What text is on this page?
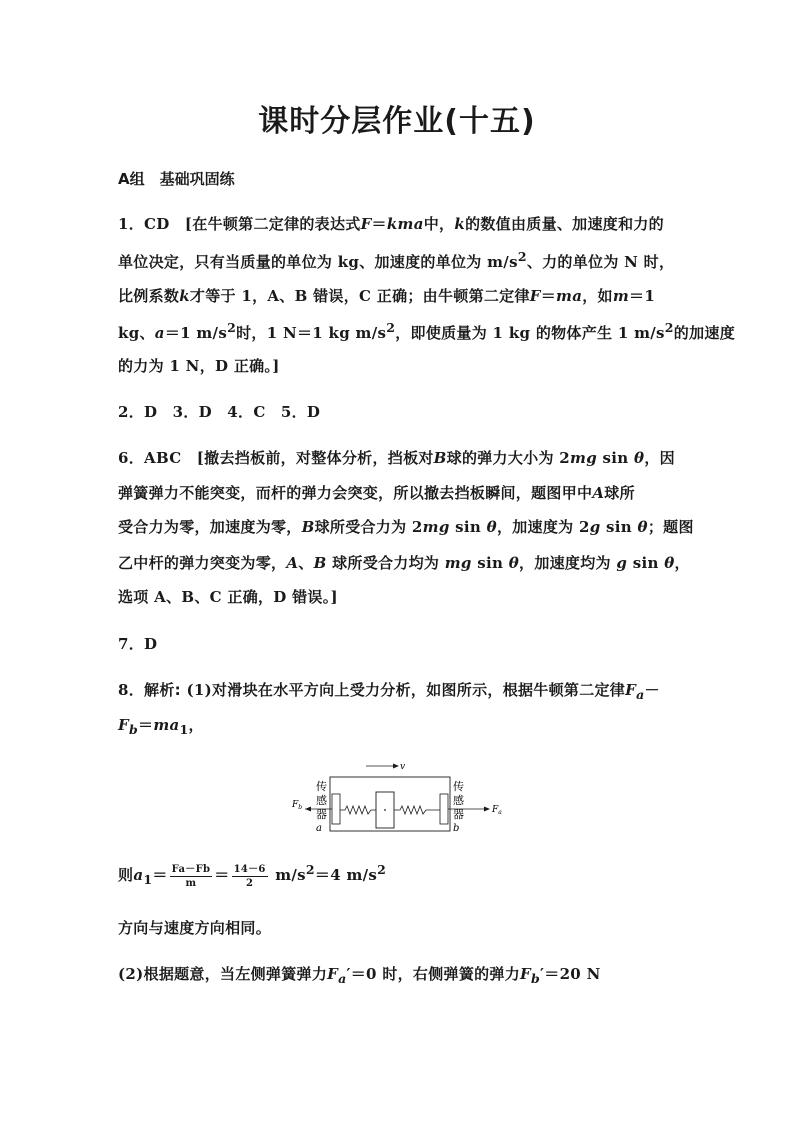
课时分层作业(十五)
A组　基础巩固练
1．CD　[在牛顿第二定律的表达式F＝kma中，k的数值由质量、加速度和力的
单位决定，只有当质量的单位为 kg、加速度的单位为 $m/s^2$、力的单位为 N 时，
比例系数k才等于 1，A、B 错误，C 正确；由牛顿第二定律F＝ma，如m＝1
kg、a＝1 $m/s^2$时，1 N＝1 kg $m/s^2$，即使质量为 1 kg 的物体产生 1 $m/s^2$的加速度
的力为 1 N，D 正确。]
2．D　3．D　4．C　5．D
6．ABC　[撤去挡板前，对整体分析，挡板对B球的弹力大小为 2mg sin θ，因
弹簧弹力不能突变，而杆的弹力会突变，所以撤去挡板瞬间，题图甲中A球所
受合力为零，加速度为零，B球所受合力为 2mg sin θ，加速度为 2g sin θ；题图
乙中杆的弹力突变为零，A、B 球所受合力均为 mg sin θ，加速度均为 g sin θ，
选项 A、B、C 正确，D 错误。]
7．D
8．解析: (1)对滑块在水平方向上受力分析，如图所示，根据牛顿第二定律$F_a-$
$F_b=ma_1$，
v
传
感
器
传
感
器
$F_b$	$F_a$
a	b
则$a_1= \frac{Fa-Fb}{m} = \frac{14-6}{2} m/s^2=4$ $m/s^2$
方向与速度方向相同。
(2)根据题意，当左侧弹簧弹力$F_a'=0$ 时，右侧弹簧的弹力$F_b'=20$ N
